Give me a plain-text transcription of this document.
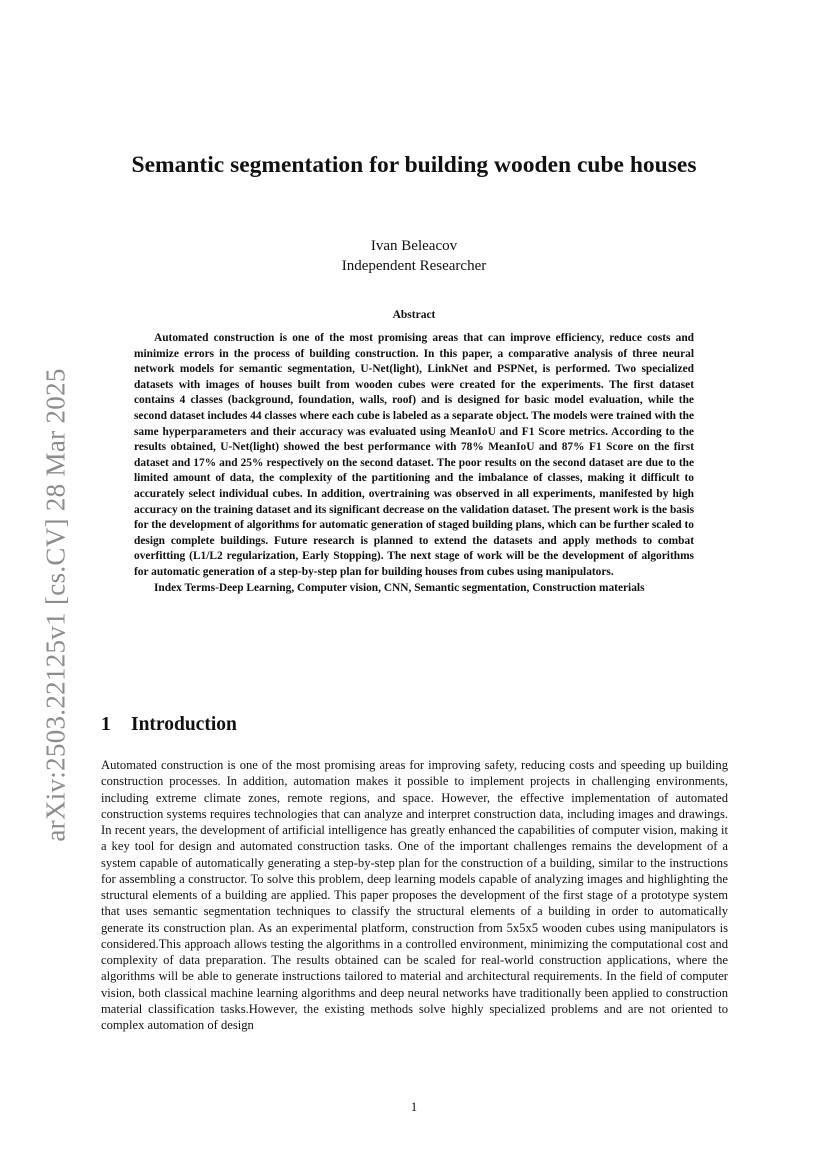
arXiv:2503.22125v1 [cs.CV] 28 Mar 2025
Semantic segmentation for building wooden cube houses
Ivan Beleacov
Independent Researcher
Abstract

Automated construction is one of the most promising areas that can improve efficiency, reduce costs and minimize errors in the process of building construction. In this paper, a comparative analysis of three neural network models for semantic segmentation, U-Net(light), LinkNet and PSPNet, is performed. Two specialized datasets with images of houses built from wooden cubes were created for the experiments. The first dataset contains 4 classes (background, foundation, walls, roof) and is designed for basic model evaluation, while the second dataset includes 44 classes where each cube is labeled as a separate object. The models were trained with the same hyperparameters and their accuracy was evaluated using MeanIoU and F1 Score metrics. According to the results obtained, U-Net(light) showed the best performance with 78% MeanIoU and 87% F1 Score on the first dataset and 17% and 25% respectively on the second dataset. The poor results on the second dataset are due to the limited amount of data, the complexity of the partitioning and the imbalance of classes, making it difficult to accurately select individual cubes. In addition, overtraining was observed in all experiments, manifested by high accuracy on the training dataset and its significant decrease on the validation dataset. The present work is the basis for the development of algorithms for automatic generation of staged building plans, which can be further scaled to design complete buildings. Future research is planned to extend the datasets and apply methods to combat overfitting (L1/L2 regularization, Early Stopping). The next stage of work will be the development of algorithms for automatic generation of a step-by-step plan for building houses from cubes using manipulators.

Index Terms-Deep Learning, Computer vision, CNN, Semantic segmentation, Construction materials

1 Introduction

Automated construction is one of the most promising areas for improving safety, reducing costs and speeding up building construction processes. In addition, automation makes it possible to implement projects in challenging environments, including extreme climate zones, remote regions, and space. However, the effective implementation of automated construction systems requires technologies that can analyze and interpret construction data, including images and drawings. In recent years, the development of artificial intelligence has greatly enhanced the capabilities of computer vision, making it a key tool for design and automated construction tasks. One of the important challenges remains the development of a system capable of automatically generating a step-by-step plan for the construction of a building, similar to the instructions for assembling a constructor. To solve this problem, deep learning models capable of analyzing images and highlighting the structural elements of a building are applied. This paper proposes the development of the first stage of a prototype system that uses semantic segmentation techniques to classify the structural elements of a building in order to automatically generate its construction plan. As an experimental platform, construction from 5x5x5 wooden cubes using manipulators is considered.This approach allows testing the algorithms in a controlled environment, minimizing the computational cost and complexity of data preparation. The results obtained can be scaled for real-world construction applications, where the algorithms will be able to generate instructions tailored to material and architectural requirements. In the field of computer vision, both classical machine learning algorithms and deep neural networks have traditionally been applied to construction material classification tasks.However, the existing methods solve highly specialized problems and are not oriented to complex automation of design

1
